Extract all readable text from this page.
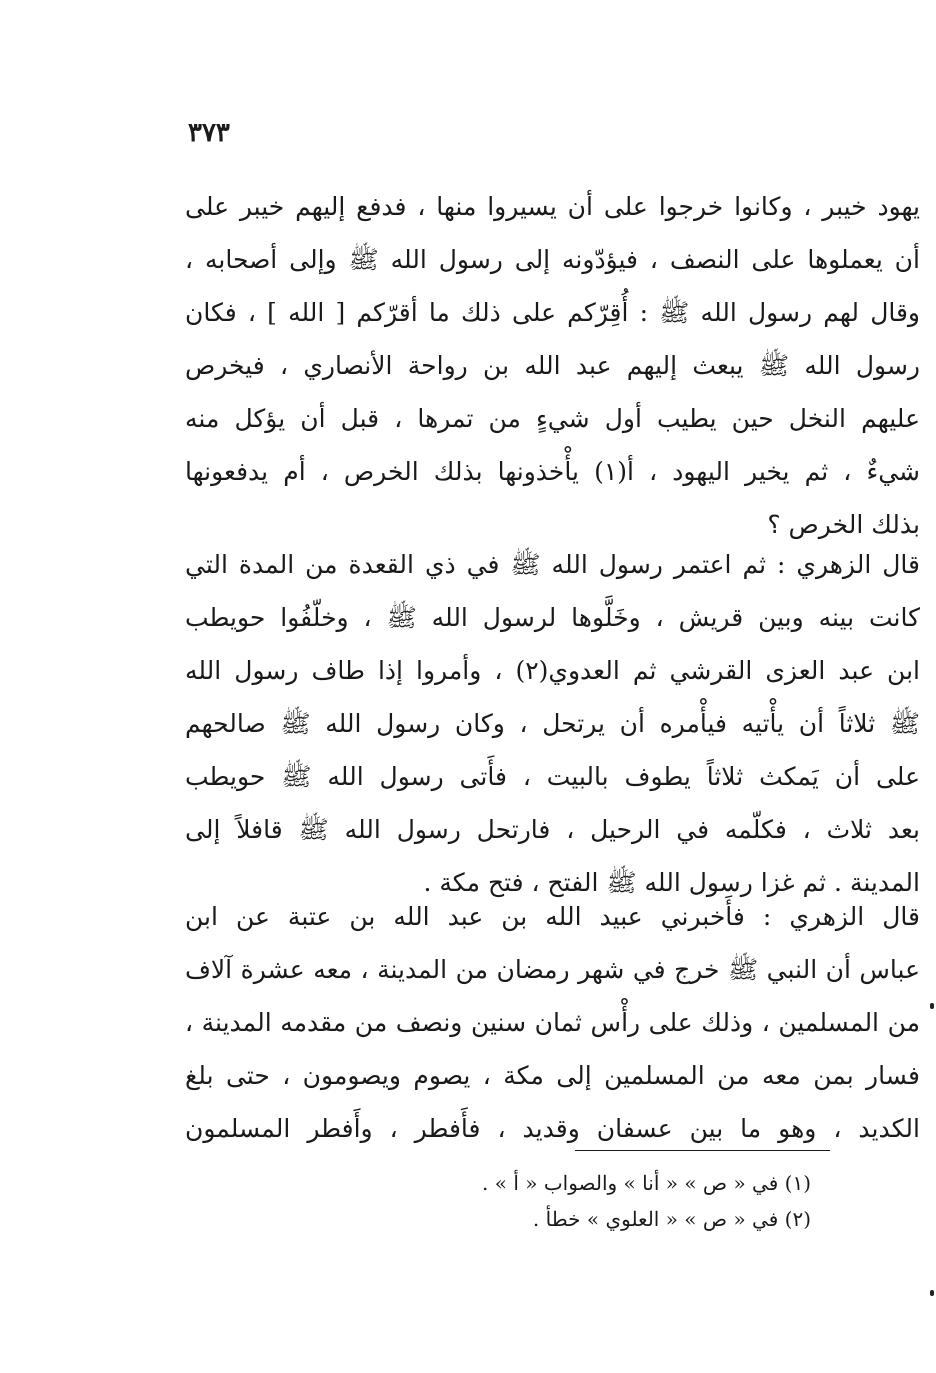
٣٧٣
يهود خيبر ، وكانوا خرجوا على أن يسيروا منها ، فدفع إليهم خيبر على
أن يعملوها على النصف ، فيؤدّونه إلى رسول الله ﷺ وإلى أصحابه ،
وقال لهم رسول الله ﷺ : أُقِرّكم على ذلك ما أقرّكم [ الله ] ، فكان
رسول الله ﷺ يبعث إليهم عبد الله بن رواحة الأنصاري ، فيخرص
عليهم النخل حين يطيب أول شيءٍ من تمرها ، قبل أن يؤكل منه
شيءٌ ، ثم يخير اليهود ، أ(١) يأْخذونها بذلك الخرص ، أم يدفعونها
بذلك الخرص ؟
قال الزهري : ثم اعتمر رسول الله ﷺ في ذي القعدة من المدة التي
كانت بينه وبين قريش ، وخَلَّوها لرسول الله ﷺ ، وخلّفُوا حويطب
ابن عبد العزى القرشي ثم العدوي(٢) ، وأمروا إذا طاف رسول الله
ﷺ ثلاثاً أن يأْتيه فيأْمره أن يرتحل ، وكان رسول الله ﷺ صالحهم
على أن يَمكث ثلاثاً يطوف بالبيت ، فأَتى رسول الله ﷺ حويطب
بعد ثلاث ، فكلّمه في الرحيل ، فارتحل رسول الله ﷺ قافلاً إلى
المدينة . ثم غزا رسول الله ﷺ الفتح ، فتح مكة .
قال الزهري : فأَخبرني عبيد الله بن عبد الله بن عتبة عن ابن
عباس أن النبي ﷺ خرج في شهر رمضان من المدينة ، معه عشرة آلاف
من المسلمين ، وذلك على رأْس ثمان سنين ونصف من مقدمه المدينة ،
فسار بمن معه من المسلمين إلى مكة ، يصوم ويصومون ، حتى بلغ
الكديد ، وهو ما بين عسفان وقديد ، فأَفطر ، وأَفطر المسلمون
(١) في « ص » « أنا » والصواب « أ » .
(٢) في « ص » « العلوي » خطأ .
